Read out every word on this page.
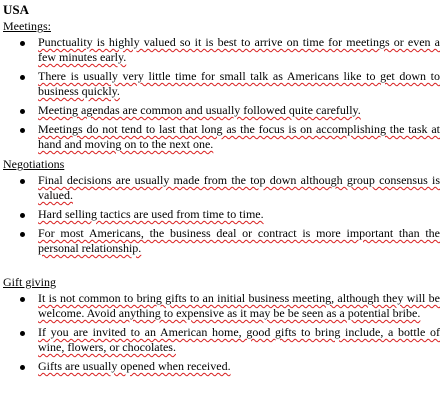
USA
Meetings:
Punctuality is highly valued so it is best to arrive on time for meetings or even a few minutes early.
There is usually very little time for small talk as Americans like to get down to business quickly.
Meeting agendas are common and usually followed quite carefully.
Meetings do not tend to last that long as the focus is on accomplishing the task at hand and moving on to the next one.
Negotiations
Final decisions are usually made from the top down although group consensus is valued.
Hard selling tactics are used from time to time.
For most Americans, the business deal or contract is more important than the personal relationship.
Gift giving
It is not common to bring gifts to an initial business meeting, although they will be welcome. Avoid anything to expensive as it may be be seen as a potential bribe.
If you are invited to an American home, good gifts to bring include, a bottle of wine, flowers, or chocolates.
Gifts are usually opened when received.
